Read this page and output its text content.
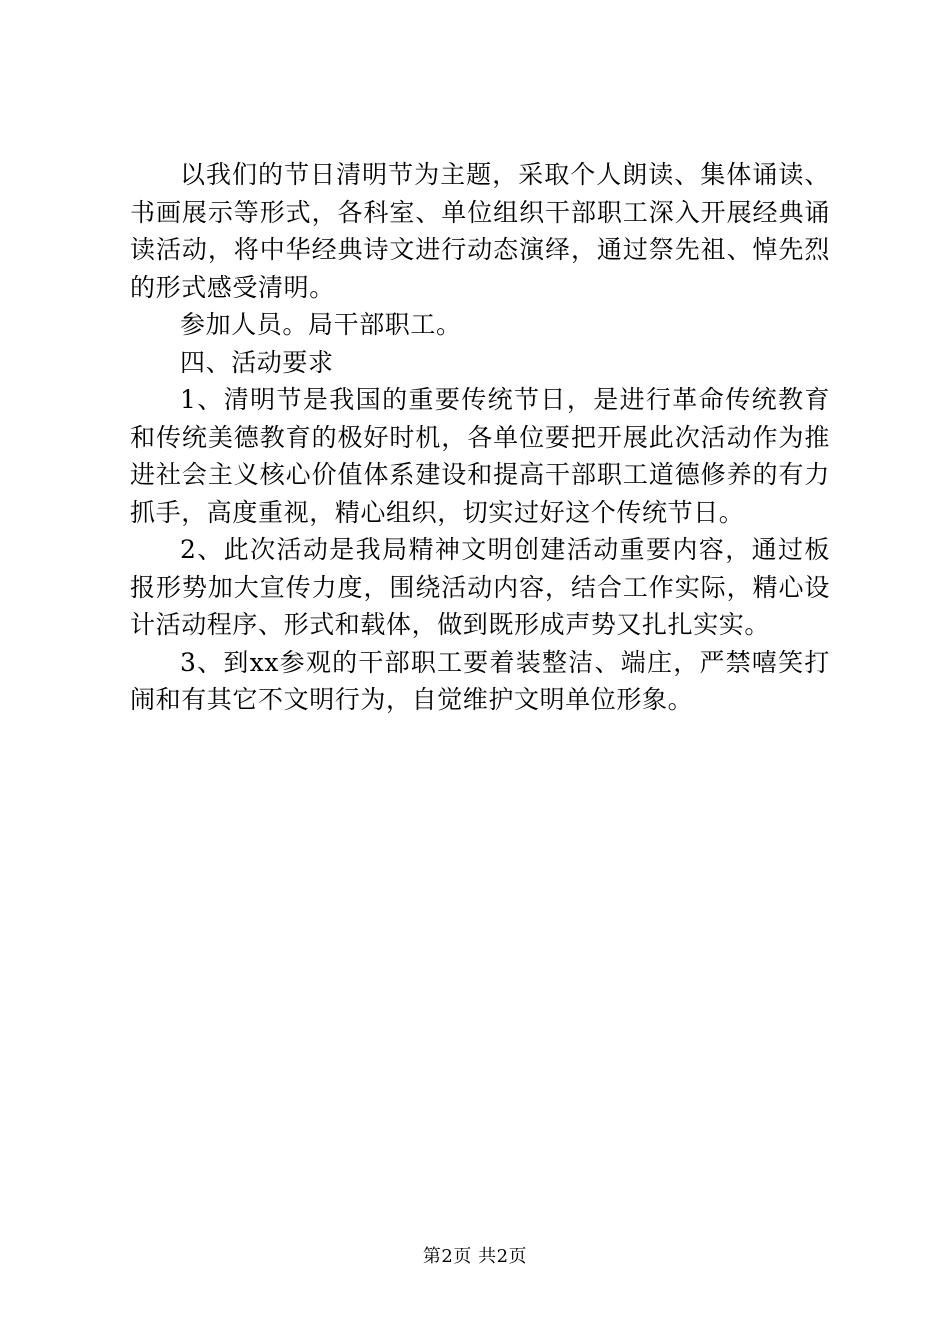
以我们的节日清明节为主题，采取个人朗读、集体诵读、书画展示等形式，各科室、单位组织干部职工深入开展经典诵读活动，将中华经典诗文进行动态演绎，通过祭先祖、悼先烈的形式感受清明。

参加人员。局干部职工。

四、活动要求

1、清明节是我国的重要传统节日，是进行革命传统教育和传统美德教育的极好时机，各单位要把开展此次活动作为推进社会主义核心价值体系建设和提高干部职工道德修养的有力抓手，高度重视，精心组织，切实过好这个传统节日。

2、此次活动是我局精神文明创建活动重要内容，通过板报形势加大宣传力度，围绕活动内容，结合工作实际，精心设计活动程序、形式和载体，做到既形成声势又扎扎实实。

3、到xx参观的干部职工要着装整洁、端庄，严禁嘻笑打闹和有其它不文明行为，自觉维护文明单位形象。

第2页 共2页
